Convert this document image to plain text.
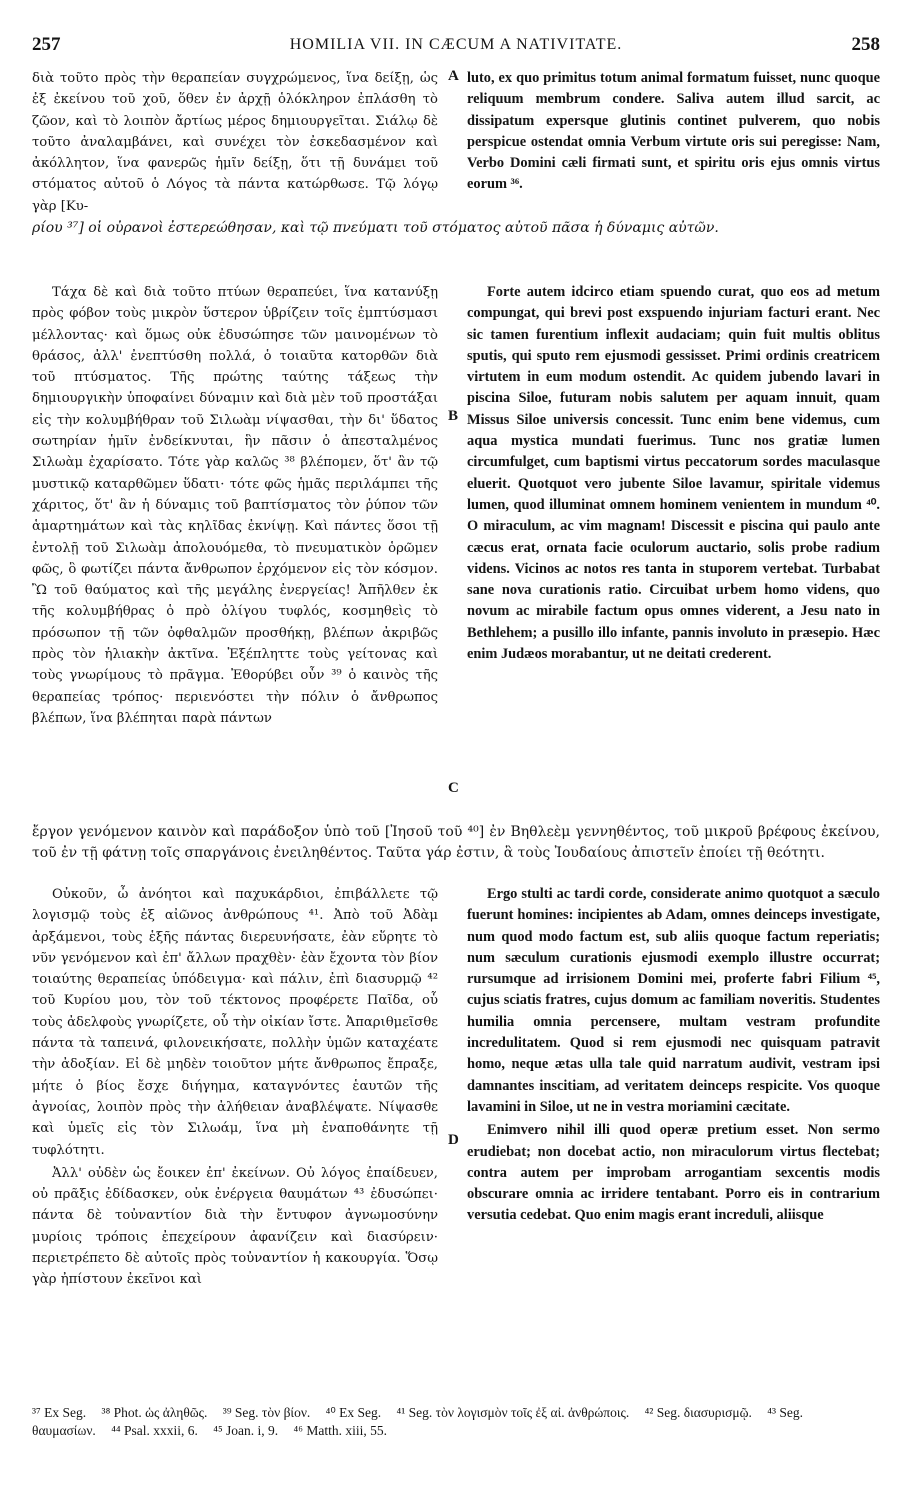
257	HOMILIA VII. IN CÆCUM A NATIVITATE.	258

διὰ τοῦτο πρὸς τὴν θεραπείαν συγχρώμενος, ἵνα δείξῃ, ὡς ἐξ ἐκείνου τοῦ χοῦ, ὅθεν ἐν ἀρχῇ ὁλόκληρον ἐπλάσθη τὸ ζῶον, καὶ τὸ λοιπὸν ἄρτίως μέρος δημιουργεῖται. Σιάλῳ δὲ τοῦτο ἀναλαμβάνει, καὶ συνέχει τὸν ἐσκεδασμένον καὶ ἀκόλλητον, ἵνα φανερῶς ἡμῖν δείξῃ, ὅτι τῇ δυνάμει τοῦ στόματος αὐτοῦ ὁ Λόγος τὰ πάντα κατώρθωσε. Τῷ λόγῳ γὰρ [Κυ-

A luto, ex quo primitus totum animal formatum fuisset, nunc quoque reliquum membrum condere. Saliva autem illud sarcit, ac dissipatum expersque glutinis continet pulverem, quo nobis perspicue ostendat omnia Verbum virtute oris sui peregisse: Nam, Verbo Domini cæli firmati sunt, et spiritu oris ejus omnis virtus eorum ³⁶.

ρίου ³⁷] οἱ οὐρανοὶ ἐστερεώθησαν, καὶ τῷ πνεύματι τοῦ στόματος αὐτοῦ πᾶσα ἡ δύναμις αὐτῶν.

Τάχα δὲ καὶ διὰ τοῦτο πτύων θεραπεύει, ἵνα κατανύξῃ πρὸς φόβον τοὺς μικρὸν ὕστερον ὑβρίζειν τοῖς ἐμπτύσμασι μέλλοντας· καὶ ὅμως οὐκ ἐδυσώπησε τῶν μαινομένων τὸ θράσος, ἀλλ' ἐνεπτύσθη πολλά, ὁ τοιαῦτα κατορθῶν διὰ τοῦ πτύσματος. Τῆς πρώτης ταύτης τάξεως τὴν δημιουργικὴν ὑποφαίνει δύναμιν καὶ διὰ μὲν τοῦ προστάξαι εἰς τὴν κολυμβήθραν τοῦ Σιλωὰμ νίψασθαι, τὴν δι' ὕδατος σωτηρίαν ἡμῖν ἐνδείκνυται, ἣν πᾶσιν ὁ ἀπεσταλμένος Σιλωὰμ ἐχαρίσατο. Τότε γὰρ καλῶς ³⁸ βλέπομεν, ὅτ' ἂν τῷ μυστικῷ καταρθῶμεν ὕδατι· τότε φῶς ἡμᾶς περιλάμπει τῆς χάριτος, ὅτ' ἂν ἡ δύναμις τοῦ βαπτίσματος τὸν ῥύπον τῶν ἁμαρτημάτων καὶ τὰς κηλῖδας ἐκνίψῃ. Καὶ πάντες ὅσοι τῇ ἐντολῇ τοῦ Σιλωὰμ ἀπολουόμεθα, τὸ πνευματικὸν ὁρῶμεν φῶς, ὃ φωτίζει πάντα ἄνθρωπον ἐρχόμενον εἰς τὸν κόσμον. Ὢ τοῦ θαύματος καὶ τῆς μεγάλης ἐνεργείας! Ἀπῆλθεν ἐκ τῆς κολυμβήθρας ὁ πρὸ ὀλίγου τυφλός, κοσμηθεὶς τὸ πρόσωπον τῇ τῶν ὀφθαλμῶν προσθήκῃ, βλέπων ἀκριβῶς πρὸς τὸν ἡλιακὴν ἀκτῖνα. Ἐξέπληττε τοὺς γείτονας καὶ τοὺς γνωρίμους τὸ πρᾶγμα. Ἐθορύβει οὖν ³⁹ ὁ καινὸς τῆς θεραπείας τρόπος· περιενόστει τὴν πόλιν ὁ ἄνθρωπος βλέπων, ἵνα βλέπηται παρὰ πάντων

B
C

Forte autem idcirco etiam spuendo curat, quo eos ad metum compungat, qui brevi post exspuendo injuriam facturi erant. Nec sic tamen furentium inflexit audaciam; quin fuit multis oblitus sputis, qui sputo rem ejusmodi gessisset. Primi ordinis creatricem virtutem in eum modum ostendit. Ac quidem jubendo lavari in piscina Siloe, futuram nobis salutem per aquam innuit, quam Missus Siloe universis concessit. Tunc enim bene videmus, cum aqua mystica mundati fuerimus. Tunc nos gratiæ lumen circumfulget, cum baptismi virtus peccatorum sordes maculasque eluerit. Quotquot vero jubente Siloe lavamur, spiritale videmus lumen, quod illuminat omnem hominem venientem in mundum ⁴⁰. O miraculum, ac vim magnam! Discessit e piscina qui paulo ante cæcus erat, ornata facie oculorum auctario, solis probe radium videns. Vicinos ac notos res tanta in stuporem vertebat. Turbabat sane nova curationis ratio. Circuibat urbem homo videns, quo novum ac mirabile factum opus omnes viderent, a Jesu nato in Bethlehem; a pusillo illo infante, pannis involuto in præsepio. Hæc enim Judæos morabantur, ut ne deitati crederent.

ἔργον γενόμενον καινὸν καὶ παράδοξον ὑπὸ τοῦ [Ἰησοῦ τοῦ ⁴⁰] ἐν Βηθλεὲμ γεννηθέντος, τοῦ μικροῦ βρέφους ἐκείνου, τοῦ ἐν τῇ φάτνῃ τοῖς σπαργάνοις ἐνειληθέντος. Ταῦτα γάρ ἐστιν, ἃ τοὺς Ἰουδαίους ἀπιστεῖν ἐποίει τῇ θεότητι.

Οὐκοῦν, ὦ ἀνόητοι καὶ παχυκάρδιοι, ἐπιβάλλετε τῷ λογισμῷ τοὺς ἐξ αἰῶνος ἀνθρώπους ⁴¹. Ἀπὸ τοῦ Ἀδὰμ ἀρξάμενοι, τοὺς ἑξῆς πάντας διερευνήσατε, ἐὰν εὕρητε τὸ νῦν γενόμενον καὶ ἐπ' ἄλλων πραχθὲν· ἐὰν ἔχοντα τὸν βίον τοιαύτης θεραπείας ὑπόδειγμα· καὶ πάλιν, ἐπὶ διασυρμῷ ⁴² τοῦ Κυρίου μου, τὸν τοῦ τέκτονος προφέρετε Παῖδα, οὗ τοὺς ἀδελφοὺς γνωρίζετε, οὗ τὴν οἰκίαν ἴστε. Ἀπαριθμεῖσθε πάντα τὰ ταπεινά, φιλονεικήσατε, πολλὴν ὑμῶν καταχέατε τὴν ἀδοξίαν. Εἰ δὲ μηδὲν τοιοῦτον μήτε ἄνθρωπος ἔπραξε, μήτε ὁ βίος ἔσχε διήγημα, καταγνόντες ἑαυτῶν τῆς ἀγνοίας, λοιπὸν πρὸς τὴν ἀλήθειαν ἀναβλέψατε. Νίψασθε καὶ ὑμεῖς εἰς τὸν Σιλωάμ, ἵνα μὴ ἐναποθάνητε τῇ τυφλότητι.

Ἀλλ' οὐδὲν ὡς ἔοικεν ἐπ' ἐκείνων. Οὐ λόγος ἐπαίδευεν, οὐ πρᾶξις ἐδίδασκεν, οὐκ ἐνέργεια θαυμάτων ⁴³ ἐδυσώπει· πάντα δὲ τοὐναντίον διὰ τὴν ἔντυφον ἀγνωμοσύνην μυρίοις τρόποις ἐπεχείρουν ἀφανίζειν καὶ διασύρειν· περιετρέπετο δὲ αὐτοῖς πρὸς τοὐναντίον ἡ κακουργία. Ὅσῳ γὰρ ἠπίστουν ἐκεῖνοι καὶ

D

Ergo stulti ac tardi corde, considerate animo quotquot a sæculo fuerunt homines: incipientes ab Adam, omnes deinceps investigate, num quod modo factum est, sub aliis quoque factum reperiatis; num sæculum curationis ejusmodi exemplo illustre occurrat; rursumque ad irrisionem Domini mei, proferte fabri Filium ⁴⁵, cujus sciatis fratres, cujus domum ac familiam noveritis. Studentes humilia omnia percensere, multam vestram profundite incredulitatem. Quod si rem ejusmodi nec quisquam patravit homo, neque ætas ulla tale quid narratum audivit, vestram ipsi damnantes inscitiam, ad veritatem deinceps respicite. Vos quoque lavamini in Siloe, ut ne in vestra moriamini cæcitate.

Enimvero nihil illi quod operæ pretium esset. Non sermo erudiebat; non docebat actio, non miraculorum virtus flectebat; contra autem per improbam arrogantiam sexcentis modis obscurare omnia ac irridere tentabant. Porro eis in contrarium versutia cedebat. Quo enim magis erant increduli, aliisque

³⁷ Ex Seg. ³⁸ Phot. ὡς ἀληθῶς. ³⁹ Seg. τὸν βίον. ⁴⁰ Ex Seg. ⁴¹ Seg. τὸν λογισμὸν τοῖς ἐξ αἰ. ἀνθρώποις. ⁴² Seg. διασυρισμῷ. ⁴³ Seg. θαυμασίων. ⁴⁴ Psal. xxxii, 6. ⁴⁵ Joan. i, 9. ⁴⁶ Matth. xiii, 55.
